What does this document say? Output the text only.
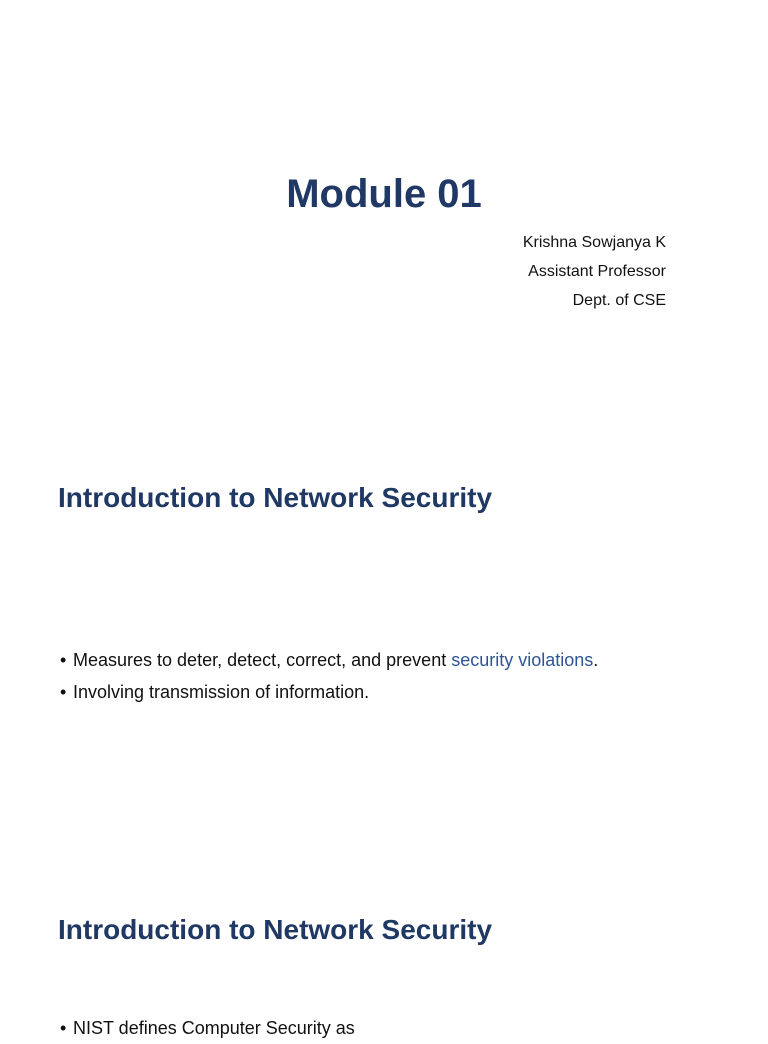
Module 01
Krishna Sowjanya K
Assistant Professor
Dept. of CSE
Introduction to Network Security
• Measures to deter, detect, correct, and prevent security violations.
• Involving transmission of information.
Introduction to Network Security
• NIST defines Computer Security as
